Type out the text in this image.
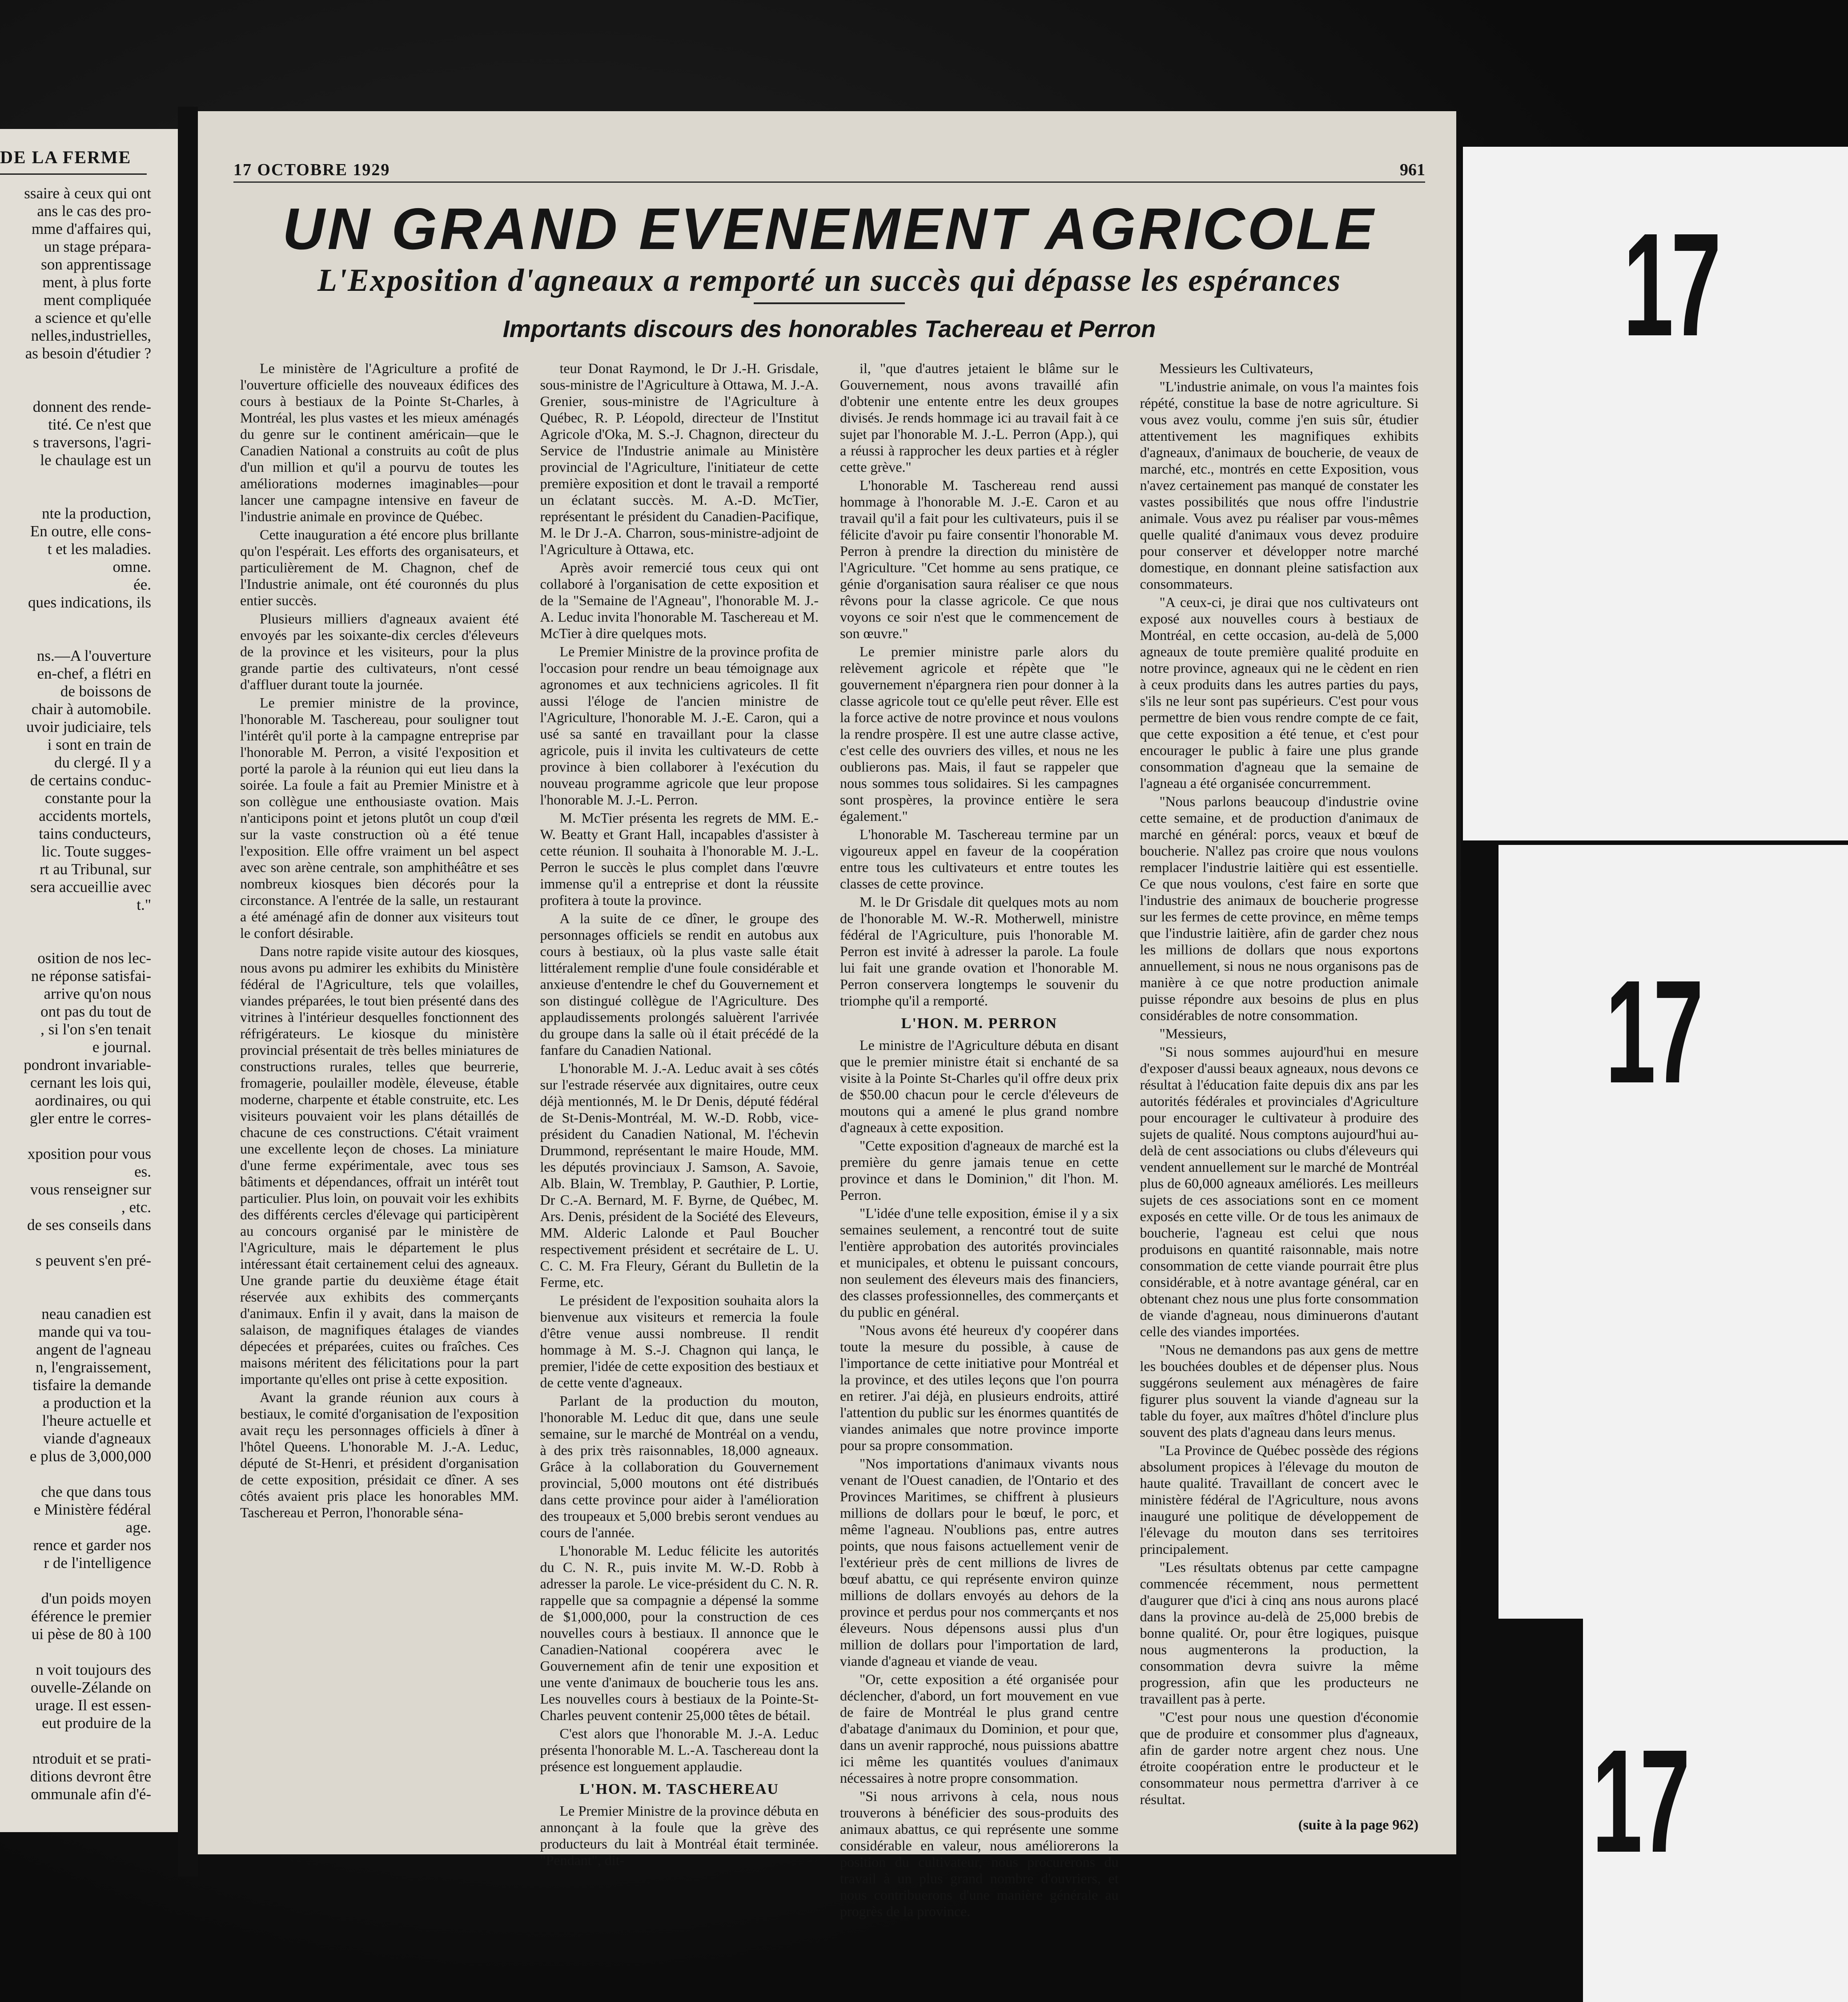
DE LA FERME
ssaire à ceux qui ont
ans le cas des pro-
mme d'affaires qui,
un stage prépara-
son apprentissage
ment, à plus forte
ment compliquée
a science et qu'elle
nelles,industrielles,
as besoin d'étudier ?
donnent des rende-
tité. Ce n'est que
s traversons, l'agri-
le chaulage est un
nte la production,
En outre, elle cons-
t et les maladies.
omne.
ée.
ques indications, ils
ns.—A l'ouverture
en-chef, a flétri en
de boissons de
chair à automobile.
uvoir judiciaire, tels
i sont en train de
du clergé. Il y a
de certains conduc-
constante pour la
accidents mortels,
tains conducteurs,
lic. Toute sugges-
rt au Tribunal, sur
sera accueillie avec
t."
osition de nos lec-
ne réponse satisfai-
arrive qu'on nous
ont pas du tout de
, si l'on s'en tenait
e journal.
pondront invariable-
cernant les lois qui,
aordinaires, ou qui
gler entre le corres-
xposition pour vous
es.
vous renseigner sur
, etc.
de ses conseils dans
s peuvent s'en pré-
neau canadien est
mande qui va tou-
angent de l'agneau
n, l'engraissement,
tisfaire la demande
a production et la
l'heure actuelle et
viande d'agneaux
e plus de 3,000,000
che que dans tous
e Ministère fédéral
age.
rence et garder nos
r de l'intelligence
d'un poids moyen
éférence le premier
ui pèse de 80 à 100
n voit toujours des
ouvelle-Zélande on
urage. Il est essen-
eut produire de la
ntroduit et se prati-
ditions devront être
ommunale afin d'é-
17 OCTOBRE 1929	961
UN GRAND EVENEMENT AGRICOLE
L'Exposition d'agneaux a remporté un succès qui dépasse les espérances
Importants discours des honorables Tachereau et Perron

Le ministère de l'Agriculture a profité de l'ouverture officielle des nouveaux édifices des cours à bestiaux de la Pointe St-Charles, à Montréal, les plus vastes et les mieux aménagés du genre sur le continent américain—que le Canadien National a construits au coût de plus d'un million et qu'il a pourvu de toutes les améliorations modernes imaginables—pour lancer une campagne intensive en faveur de l'industrie animale en province de Québec.

Cette inauguration a été encore plus brillante qu'on l'espérait. Les efforts des organisateurs, et particulièrement de M. Chagnon, chef de l'Industrie animale, ont été couronnés du plus entier succès.

Plusieurs milliers d'agneaux avaient été envoyés par les soixante-dix cercles d'éleveurs de la province et les visiteurs, pour la plus grande partie des cultivateurs, n'ont cessé d'affluer durant toute la journée.

Le premier ministre de la province, l'honorable M. Taschereau, pour souligner tout l'intérêt qu'il porte à la campagne entreprise par l'honorable M. Perron, a visité l'exposition et porté la parole à la réunion qui eut lieu dans la soirée. La foule a fait au Premier Ministre et à son collègue une enthousiaste ovation. Mais n'anticipons point et jetons plutôt un coup d'œil sur la vaste construction où a été tenue l'exposition. Elle offre vraiment un bel aspect avec son arène centrale, son amphithéâtre et ses nombreux kiosques bien décorés pour la circonstance. A l'entrée de la salle, un restaurant a été aménagé afin de donner aux visiteurs tout le confort désirable.

Dans notre rapide visite autour des kiosques, nous avons pu admirer les exhibits du Ministère fédéral de l'Agriculture, tels que volailles, viandes préparées, le tout bien présenté dans des vitrines à l'intérieur desquelles fonctionnent des réfrigérateurs. Le kiosque du ministère provincial présentait de très belles miniatures de constructions rurales, telles que beurrerie, fromagerie, poulailler modèle, éleveuse, étable moderne, charpente et étable construite, etc. Les visiteurs pouvaient voir les plans détaillés de chacune de ces constructions. C'était vraiment une excellente leçon de choses. La miniature d'une ferme expérimentale, avec tous ses bâtiments et dépendances, offrait un intérêt tout particulier. Plus loin, on pouvait voir les exhibits des différents cercles d'élevage qui participèrent au concours organisé par le ministère de l'Agriculture, mais le département le plus intéressant était certainement celui des agneaux. Une grande partie du deuxième étage était réservée aux exhibits des commerçants d'animaux. Enfin il y avait, dans la maison de salaison, de magnifiques étalages de viandes dépecées et préparées, cuites ou fraîches. Ces maisons méritent des félicitations pour la part importante qu'elles ont prise à cette exposition.

Avant la grande réunion aux cours à bestiaux, le comité d'organisation de l'exposition avait reçu les personnages officiels à dîner à l'hôtel Queens. L'honorable M. J.-A. Leduc, député de St-Henri, et président d'organisation de cette exposition, présidait ce dîner. A ses côtés avaient pris place les honorables MM. Taschereau et Perron, l'honorable séna-

teur Donat Raymond, le Dr J.-H. Grisdale, sous-ministre de l'Agriculture à Ottawa, M. J.-A. Grenier, sous-ministre de l'Agriculture à Québec, R. P. Léopold, directeur de l'Institut Agricole d'Oka, M. S.-J. Chagnon, directeur du Service de l'Industrie animale au Ministère provincial de l'Agriculture, l'initiateur de cette première exposition et dont le travail a remporté un éclatant succès. M. A.-D. McTier, représentant le président du Canadien-Pacifique, M. le Dr J.-A. Charron, sous-ministre-adjoint de l'Agriculture à Ottawa, etc.

Après avoir remercié tous ceux qui ont collaboré à l'organisation de cette exposition et de la "Semaine de l'Agneau", l'honorable M. J.-A. Leduc invita l'honorable M. Taschereau et M. McTier à dire quelques mots.

Le Premier Ministre de la province profita de l'occasion pour rendre un beau témoignage aux agronomes et aux techniciens agricoles. Il fit aussi l'éloge de l'ancien ministre de l'Agriculture, l'honorable M. J.-E. Caron, qui a usé sa santé en travaillant pour la classe agricole, puis il invita les cultivateurs de cette province à bien collaborer à l'exécution du nouveau programme agricole que leur propose l'honorable M. J.-L. Perron.

M. McTier présenta les regrets de MM. E.-W. Beatty et Grant Hall, incapables d'assister à cette réunion. Il souhaita à l'honorable M. J.-L. Perron le succès le plus complet dans l'œuvre immense qu'il a entreprise et dont la réussite profitera à toute la province.

A la suite de ce dîner, le groupe des personnages officiels se rendit en autobus aux cours à bestiaux, où la plus vaste salle était littéralement remplie d'une foule considérable et anxieuse d'entendre le chef du Gouvernement et son distingué collègue de l'Agriculture. Des applaudissements prolongés saluèrent l'arrivée du groupe dans la salle où il était précédé de la fanfare du Canadien National.

L'honorable M. J.-A. Leduc avait à ses côtés sur l'estrade réservée aux dignitaires, outre ceux déjà mentionnés, M. le Dr Denis, député fédéral de St-Denis-Montréal, M. W.-D. Robb, vice-président du Canadien National, M. l'échevin Drummond, représentant le maire Houde, MM. les députés provinciaux J. Samson, A. Savoie, Alb. Blain, W. Tremblay, P. Gauthier, P. Lortie, Dr C.-A. Bernard, M. F. Byrne, de Québec, M. Ars. Denis, président de la Société des Eleveurs, MM. Alderic Lalonde et Paul Boucher respectivement président et secrétaire de L. U. C. C. M. Fra Fleury, Gérant du Bulletin de la Ferme, etc.

Le président de l'exposition souhaita alors la bienvenue aux visiteurs et remercia la foule d'être venue aussi nombreuse. Il rendit hommage à M. S.-J. Chagnon qui lança, le premier, l'idée de cette exposition des bestiaux et de cette vente d'agneaux.

Parlant de la production du mouton, l'honorable M. Leduc dit que, dans une seule semaine, sur le marché de Montréal on a vendu, à des prix très raisonnables, 18,000 agneaux. Grâce à la collaboration du Gouvernement provincial, 5,000 moutons ont été distribués dans cette province pour aider à l'amélioration des troupeaux et 5,000 brebis seront vendues au cours de l'année.

L'honorable M. Leduc félicite les autorités du C. N. R., puis invite M. W.-D. Robb à adresser la parole. Le vice-président du C. N. R. rappelle que sa compagnie a dépensé la somme de $1,000,000, pour la construction de ces nouvelles cours à bestiaux. Il annonce que le Canadien-National coopérera avec le Gouvernement afin de tenir une exposition et une vente d'animaux de boucherie tous les ans. Les nouvelles cours à bestiaux de la Pointe-St-Charles peuvent contenir 25,000 têtes de bétail.

C'est alors que l'honorable M. J.-A. Leduc présenta l'honorable M. L.-A. Taschereau dont la présence est longuement applaudie.

L'HON. M. TASCHEREAU

Le Premier Ministre de la province débuta en annonçant à la foule que la grève des producteurs du lait à Montréal était terminée. "Pendant", dit-

il, "que d'autres jetaient le blâme sur le Gouvernement, nous avons travaillé afin d'obtenir une entente entre les deux groupes divisés. Je rends hommage ici au travail fait à ce sujet par l'honorable M. J.-L. Perron (App.), qui a réussi à rapprocher les deux parties et à régler cette grève."

L'honorable M. Taschereau rend aussi hommage à l'honorable M. J.-E. Caron et au travail qu'il a fait pour les cultivateurs, puis il se félicite d'avoir pu faire consentir l'honorable M. Perron à prendre la direction du ministère de l'Agriculture. "Cet homme au sens pratique, ce génie d'organisation saura réaliser ce que nous rêvons pour la classe agricole. Ce que nous voyons ce soir n'est que le commencement de son œuvre."

Le premier ministre parle alors du relèvement agricole et répète que "le gouvernement n'épargnera rien pour donner à la classe agricole tout ce qu'elle peut rêver. Elle est la force active de notre province et nous voulons la rendre prospère. Il est une autre classe active, c'est celle des ouvriers des villes, et nous ne les oublierons pas. Mais, il faut se rappeler que nous sommes tous solidaires. Si les campagnes sont prospères, la province entière le sera également."

L'honorable M. Taschereau termine par un vigoureux appel en faveur de la coopération entre tous les cultivateurs et entre toutes les classes de cette province.

M. le Dr Grisdale dit quelques mots au nom de l'honorable M. W.-R. Motherwell, ministre fédéral de l'Agriculture, puis l'honorable M. Perron est invité à adresser la parole. La foule lui fait une grande ovation et l'honorable M. Perron conservera longtemps le souvenir du triomphe qu'il a remporté.

L'HON. M. PERRON

Le ministre de l'Agriculture débuta en disant que le premier ministre était si enchanté de sa visite à la Pointe St-Charles qu'il offre deux prix de $50.00 chacun pour le cercle d'éleveurs de moutons qui a amené le plus grand nombre d'agneaux à cette exposition.

"Cette exposition d'agneaux de marché est la première du genre jamais tenue en cette province et dans le Dominion," dit l'hon. M. Perron.

"L'idée d'une telle exposition, émise il y a six semaines seulement, a rencontré tout de suite l'entière approbation des autorités provinciales et municipales, et obtenu le puissant concours, non seulement des éleveurs mais des financiers, des classes professionnelles, des commerçants et du public en général.

"Nous avons été heureux d'y coopérer dans toute la mesure du possible, à cause de l'importance de cette initiative pour Montréal et la province, et des utiles leçons que l'on pourra en retirer. J'ai déjà, en plusieurs endroits, attiré l'attention du public sur les énormes quantités de viandes animales que notre province importe pour sa propre consommation.

"Nos importations d'animaux vivants nous venant de l'Ouest canadien, de l'Ontario et des Provinces Maritimes, se chiffrent à plusieurs millions de dollars pour le bœuf, le porc, et même l'agneau. N'oublions pas, entre autres points, que nous faisons actuellement venir de l'extérieur près de cent millions de livres de bœuf abattu, ce qui représente environ quinze millions de dollars envoyés au dehors de la province et perdus pour nos commerçants et nos éleveurs. Nous dépensons aussi plus d'un million de dollars pour l'importation de lard, viande d'agneau et viande de veau.

"Or, cette exposition a été organisée pour déclencher, d'abord, un fort mouvement en vue de faire de Montréal le plus grand centre d'abatage d'animaux du Dominion, et pour que, dans un avenir rapproché, nous puissions abattre ici même les quantités voulues d'animaux nécessaires à notre propre consommation.

"Si nous arrivons à cela, nous nous trouverons à bénéficier des sous-produits des animaux abattus, ce qui représente une somme considérable en valeur, nous améliorerons la position du cultivateur, nous procurerons du travail à un plus grand nombre d'ouvriers, et nous contribuerons d'une manière générale au progrès de la province.

Messieurs les Cultivateurs,

"L'industrie animale, on vous l'a maintes fois répété, constitue la base de notre agriculture. Si vous avez voulu, comme j'en suis sûr, étudier attentivement les magnifiques exhibits d'agneaux, d'animaux de boucherie, de veaux de marché, etc., montrés en cette Exposition, vous n'avez certainement pas manqué de constater les vastes possibilités que nous offre l'industrie animale. Vous avez pu réaliser par vous-mêmes quelle qualité d'animaux vous devez produire pour conserver et développer notre marché domestique, en donnant pleine satisfaction aux consommateurs.

"A ceux-ci, je dirai que nos cultivateurs ont exposé aux nouvelles cours à bestiaux de Montréal, en cette occasion, au-delà de 5,000 agneaux de toute première qualité produite en notre province, agneaux qui ne le cèdent en rien à ceux produits dans les autres parties du pays, s'ils ne leur sont pas supérieurs. C'est pour vous permettre de bien vous rendre compte de ce fait, que cette exposition a été tenue, et c'est pour encourager le public à faire une plus grande consommation d'agneau que la semaine de l'agneau a été organisée concurremment.

"Nous parlons beaucoup d'industrie ovine cette semaine, et de production d'animaux de marché en général: porcs, veaux et bœuf de boucherie. N'allez pas croire que nous voulons remplacer l'industrie laitière qui est essentielle. Ce que nous voulons, c'est faire en sorte que l'industrie des animaux de boucherie progresse sur les fermes de cette province, en même temps que l'industrie laitière, afin de garder chez nous les millions de dollars que nous exportons annuellement, si nous ne nous organisons pas de manière à ce que notre production animale puisse répondre aux besoins de plus en plus considérables de notre consommation.

"Messieurs,

"Si nous sommes aujourd'hui en mesure d'exposer d'aussi beaux agneaux, nous devons ce résultat à l'éducation faite depuis dix ans par les autorités fédérales et provinciales d'Agriculture pour encourager le cultivateur à produire des sujets de qualité. Nous comptons aujourd'hui au-delà de cent associations ou clubs d'éleveurs qui vendent annuellement sur le marché de Montréal plus de 60,000 agneaux améliorés. Les meilleurs sujets de ces associations sont en ce moment exposés en cette ville. Or de tous les animaux de boucherie, l'agneau est celui que nous produisons en quantité raisonnable, mais notre consommation de cette viande pourrait être plus considérable, et à notre avantage général, car en obtenant chez nous une plus forte consommation de viande d'agneau, nous diminuerons d'autant celle des viandes importées.

"Nous ne demandons pas aux gens de mettre les bouchées doubles et de dépenser plus. Nous suggérons seulement aux ménagères de faire figurer plus souvent la viande d'agneau sur la table du foyer, aux maîtres d'hôtel d'inclure plus souvent des plats d'agneau dans leurs menus.

"La Province de Québec possède des régions absolument propices à l'élevage du mouton de haute qualité. Travaillant de concert avec le ministère fédéral de l'Agriculture, nous avons inauguré une politique de développement de l'élevage du mouton dans ses territoires principalement.

"Les résultats obtenus par cette campagne commencée récemment, nous permettent d'augurer que d'ici à cinq ans nous aurons placé dans la province au-delà de 25,000 brebis de bonne qualité. Or, pour être logiques, puisque nous augmenterons la production, la consommation devra suivre la même progression, afin que les producteurs ne travaillent pas à perte.

"C'est pour nous une question d'économie que de produire et consommer plus d'agneaux, afin de garder notre argent chez nous. Une étroite coopération entre le producteur et le consommateur nous permettra d'arriver à ce résultat.

(suite à la page 962)

17
17
17
